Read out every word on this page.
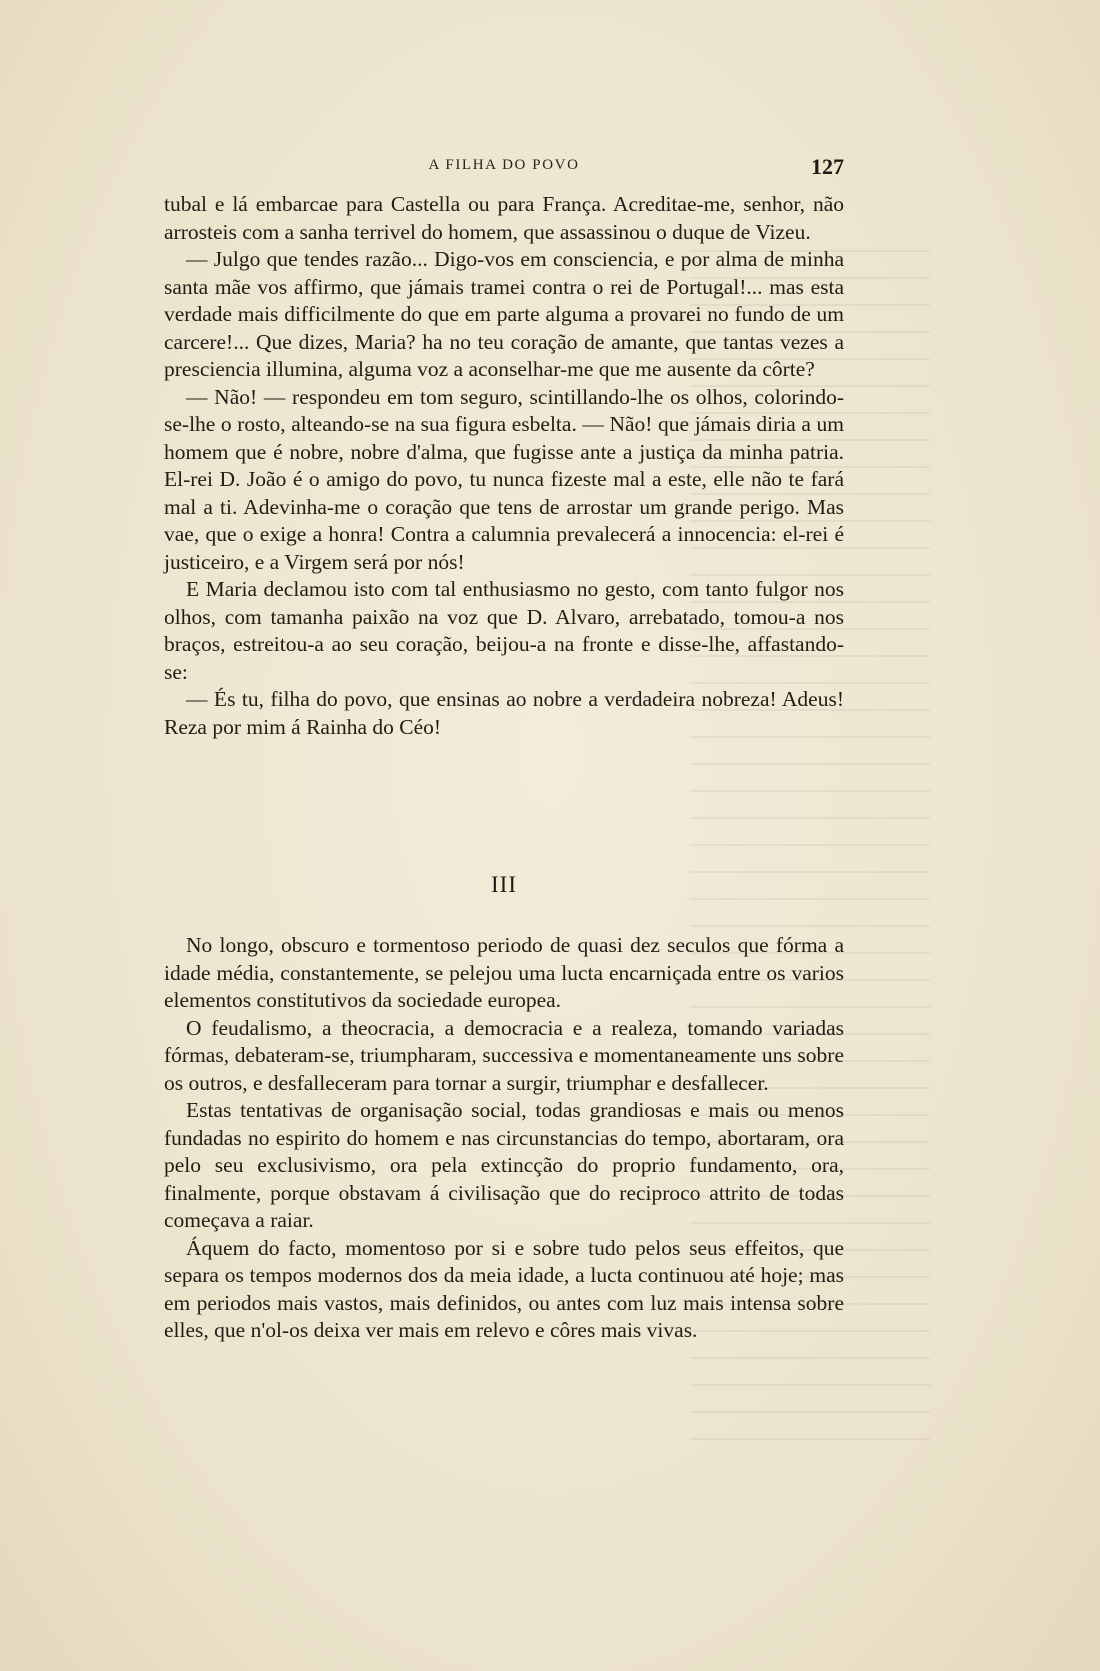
A FILHA DO POVO	127

tubal e lá embarcae para Castella ou para França. Acreditae-me, senhor, não arrosteis com a sanha terrivel do homem, que assassinou o duque de Vizeu.

— Julgo que tendes razão... Digo-vos em consciencia, e por alma de minha santa mãe vos affirmo, que jámais tramei contra o rei de Portugal!... mas esta verdade mais difficilmente do que em parte alguma a provarei no fundo de um carcere!... Que dizes, Maria? ha no teu coração de amante, que tantas vezes a presciencia illumina, alguma voz a aconselhar-me que me ausente da côrte?

— Não! — respondeu em tom seguro, scintillando-lhe os olhos, colorindo-se-lhe o rosto, alteando-se na sua figura esbelta. — Não! que jámais diria a um homem que é nobre, nobre d'alma, que fugisse ante a justiça da minha patria. El-rei D. João é o amigo do povo, tu nunca fizeste mal a este, elle não te fará mal a ti. Adevinha-me o coração que tens de arrostar um grande perigo. Mas vae, que o exige a honra! Contra a calumnia prevalecerá a innocencia: el-rei é justiceiro, e a Virgem será por nós!

E Maria declamou isto com tal enthusiasmo no gesto, com tanto fulgor nos olhos, com tamanha paixão na voz que D. Alvaro, arrebatado, tomou-a nos braços, estreitou-a ao seu coração, beijou-a na fronte e disse-lhe, affastando-se:

— És tu, filha do povo, que ensinas ao nobre a verdadeira nobreza! Adeus! Reza por mim á Rainha do Céo!

III

No longo, obscuro e tormentoso periodo de quasi dez seculos que fórma a idade média, constantemente, se pelejou uma lucta encarniçada entre os varios elementos constitutivos da sociedade europea.

O feudalismo, a theocracia, a democracia e a realeza, tomando variadas fórmas, debateram-se, triumpharam, successiva e momentaneamente uns sobre os outros, e desfalleceram para tornar a surgir, triumphar e desfallecer.

Estas tentativas de organisação social, todas grandiosas e mais ou menos fundadas no espirito do homem e nas circunstancias do tempo, abortaram, ora pelo seu exclusivismo, ora pela extincção do proprio fundamento, ora, finalmente, porque obstavam á civilisação que do reciproco attrito de todas começava a raiar.

Áquem do facto, momentoso por si e sobre tudo pelos seus effeitos, que separa os tempos modernos dos da meia idade, a lucta continuou até hoje; mas em periodos mais vastos, mais definidos, ou antes com luz mais intensa sobre elles, que n'ol-os deixa ver mais em relevo e côres mais vivas.
